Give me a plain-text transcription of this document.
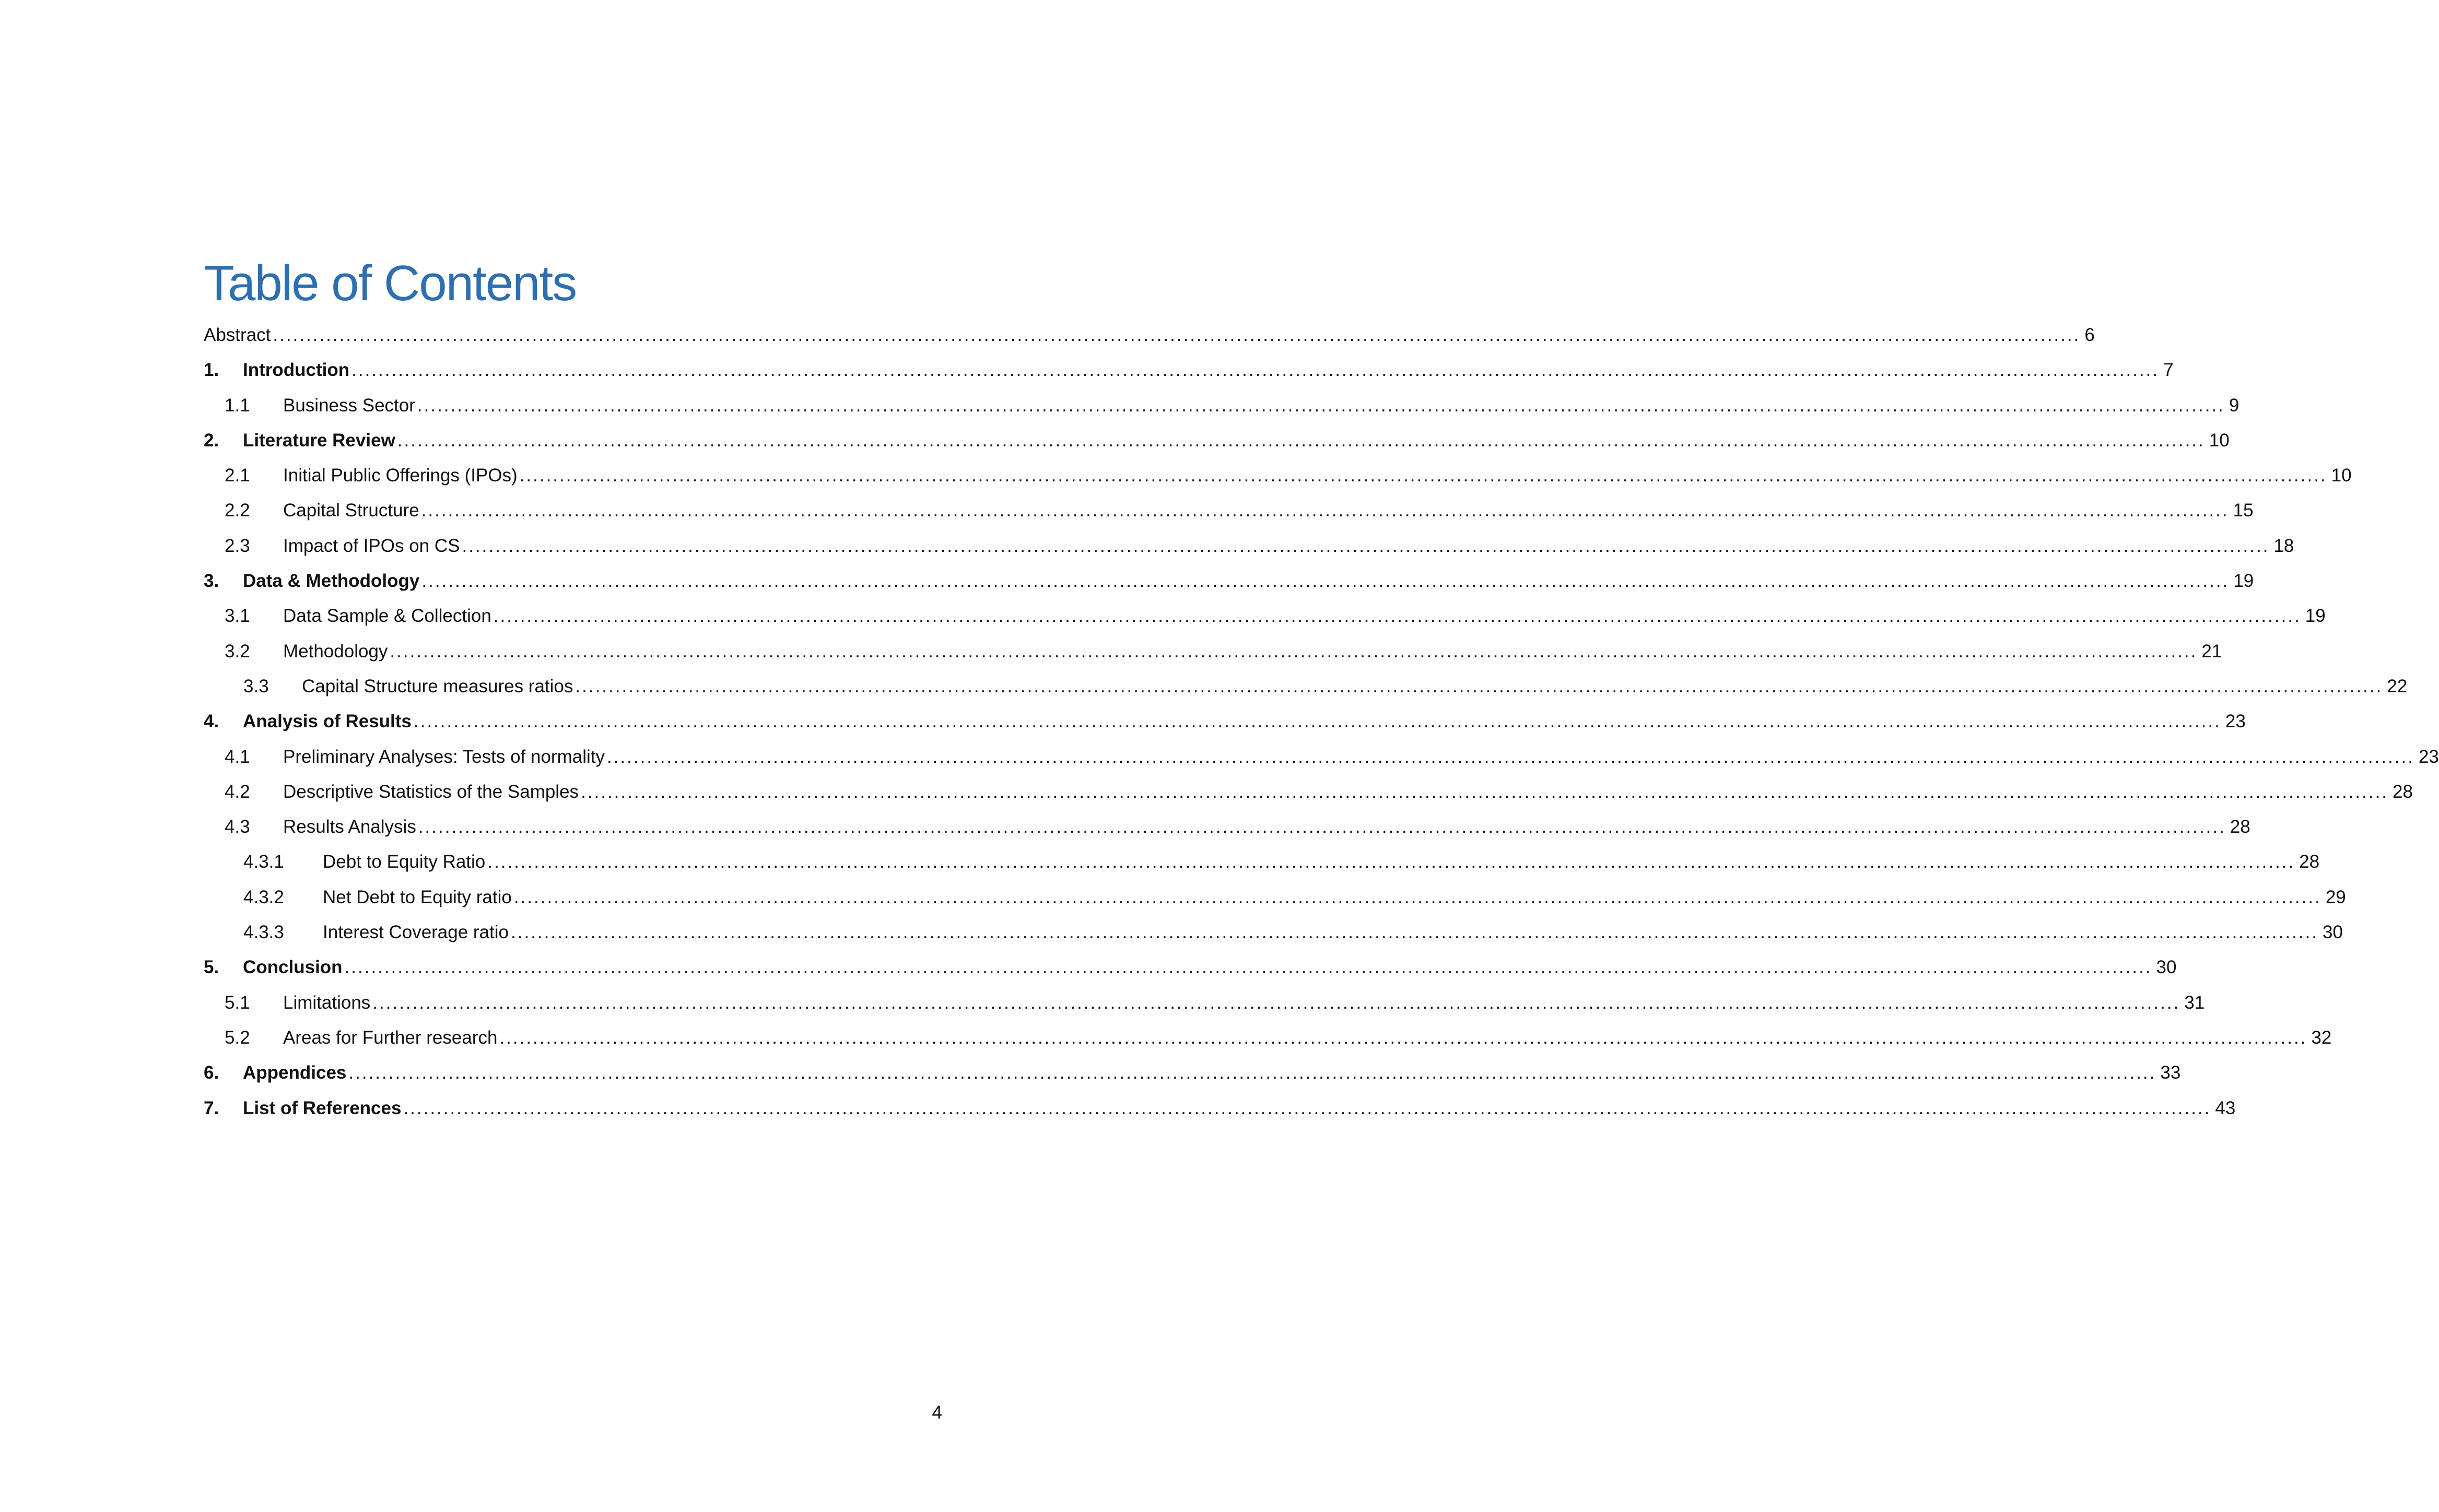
Table of Contents
Abstract ................................................................................................................................................................................................................................................................................ 6
1. Introduction ................................................................................................................................................................................................................................................................................ 7
1.1 Business Sector ................................................................................................................................................................................................................................................................................ 9
2. Literature Review ................................................................................................................................................................................................................................................................................ 10
2.1 Initial Public Offerings (IPOs) ................................................................................................................................................................................................................................................................................ 10
2.2 Capital Structure ................................................................................................................................................................................................................................................................................ 15
2.3 Impact of IPOs on CS ................................................................................................................................................................................................................................................................................ 18
3. Data & Methodology ................................................................................................................................................................................................................................................................................ 19
3.1 Data Sample & Collection ................................................................................................................................................................................................................................................................................ 19
3.2 Methodology ................................................................................................................................................................................................................................................................................ 21
3.3 Capital Structure measures ratios ................................................................................................................................................................................................................................................................................ 22
4. Analysis of Results ................................................................................................................................................................................................................................................................................ 23
4.1 Preliminary Analyses: Tests of normality ................................................................................................................................................................................................................................................................................ 23
4.2 Descriptive Statistics of the Samples ................................................................................................................................................................................................................................................................................ 28
4.3 Results Analysis ................................................................................................................................................................................................................................................................................ 28
4.3.1 Debt to Equity Ratio ................................................................................................................................................................................................................................................................................ 28
4.3.2 Net Debt to Equity ratio ................................................................................................................................................................................................................................................................................ 29
4.3.3 Interest Coverage ratio ................................................................................................................................................................................................................................................................................ 30
5. Conclusion ................................................................................................................................................................................................................................................................................ 30
5.1 Limitations ................................................................................................................................................................................................................................................................................ 31
5.2 Areas for Further research ................................................................................................................................................................................................................................................................................ 32
6. Appendices ................................................................................................................................................................................................................................................................................ 33
7. List of References ................................................................................................................................................................................................................................................................................ 43
4
